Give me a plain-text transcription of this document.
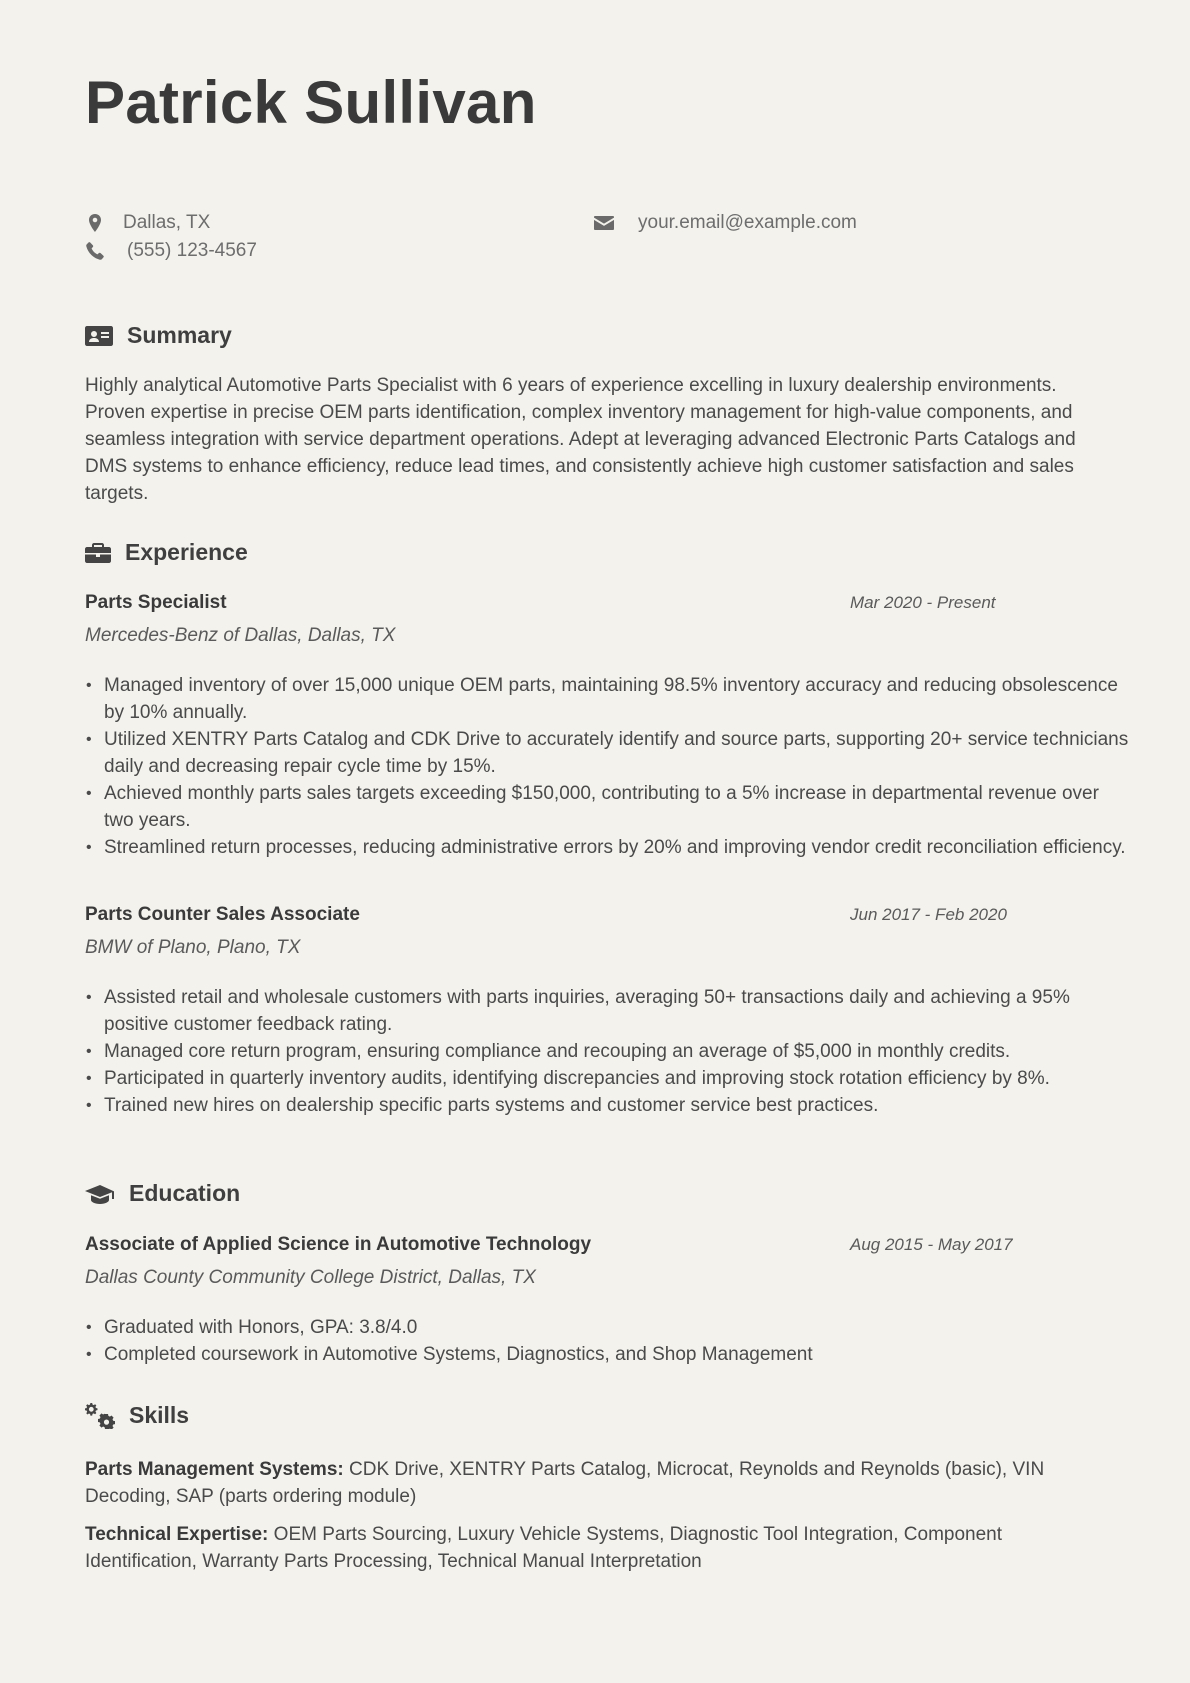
Patrick Sullivan
Dallas, TX
(555) 123-4567
your.email@example.com
Summary

Highly analytical Automotive Parts Specialist with 6 years of experience excelling in luxury dealership environments. Proven expertise in precise OEM parts identification, complex inventory management for high-value components, and seamless integration with service department operations. Adept at leveraging advanced Electronic Parts Catalogs and DMS systems to enhance efficiency, reduce lead times, and consistently achieve high customer satisfaction and sales targets.

Experience
Parts Specialist	Mar 2020 - Present
Mercedes-Benz of Dallas, Dallas, TX
• Managed inventory of over 15,000 unique OEM parts, maintaining 98.5% inventory accuracy and reducing obsolescence by 10% annually.
• Utilized XENTRY Parts Catalog and CDK Drive to accurately identify and source parts, supporting 20+ service technicians daily and decreasing repair cycle time by 15%.
• Achieved monthly parts sales targets exceeding $150,000, contributing to a 5% increase in departmental revenue over two years.
• Streamlined return processes, reducing administrative errors by 20% and improving vendor credit reconciliation efficiency.
Parts Counter Sales Associate	Jun 2017 - Feb 2020
BMW of Plano, Plano, TX
• Assisted retail and wholesale customers with parts inquiries, averaging 50+ transactions daily and achieving a 95% positive customer feedback rating.
• Managed core return program, ensuring compliance and recouping an average of $5,000 in monthly credits.
• Participated in quarterly inventory audits, identifying discrepancies and improving stock rotation efficiency by 8%.
• Trained new hires on dealership specific parts systems and customer service best practices.
Education
Associate of Applied Science in Automotive Technology	Aug 2015 - May 2017
Dallas County Community College District, Dallas, TX
• Graduated with Honors, GPA: 3.8/4.0
• Completed coursework in Automotive Systems, Diagnostics, and Shop Management
Skills

Parts Management Systems: CDK Drive, XENTRY Parts Catalog, Microcat, Reynolds and Reynolds (basic), VIN Decoding, SAP (parts ordering module)

Technical Expertise: OEM Parts Sourcing, Luxury Vehicle Systems, Diagnostic Tool Integration, Component Identification, Warranty Parts Processing, Technical Manual Interpretation
